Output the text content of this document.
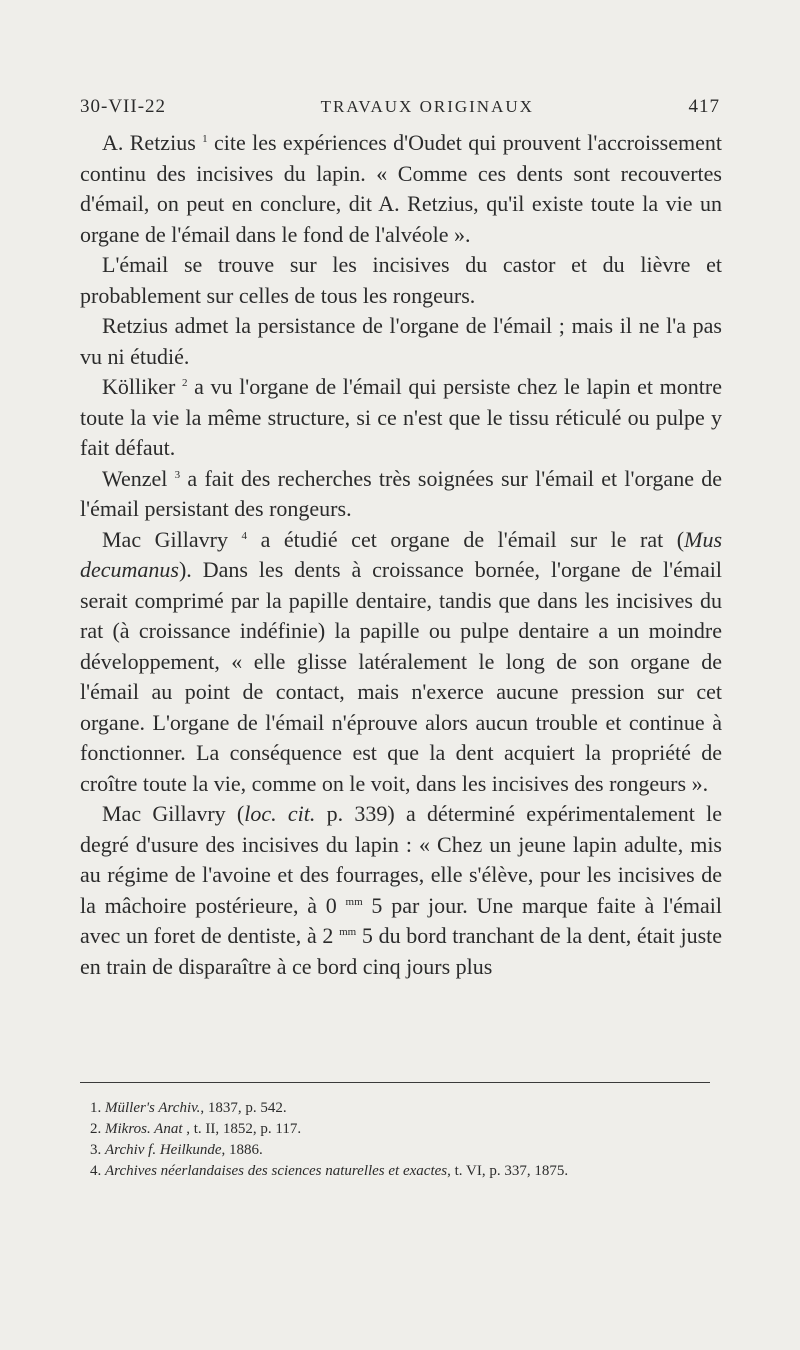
30-VII-22	TRAVAUX ORIGINAUX	417

A. Retzius $^1$ cite les expériences d'Oudet qui prouvent l'accroissement continu des incisives du lapin. « Comme ces dents sont recouvertes d'émail, on peut en conclure, dit A. Retzius, qu'il existe toute la vie un organe de l'émail dans le fond de l'alvéole ».

L'émail se trouve sur les incisives du castor et du lièvre et probablement sur celles de tous les rongeurs.

Retzius admet la persistance de l'organe de l'émail ; mais il ne l'a pas vu ni étudié.

Kölliker $^2$ a vu l'organe de l'émail qui persiste chez le lapin et montre toute la vie la même structure, si ce n'est que le tissu réticulé ou pulpe y fait défaut.

Wenzel $^3$ a fait des recherches très soignées sur l'émail et l'organe de l'émail persistant des rongeurs.

Mac Gillavry $^4$ a étudié cet organe de l'émail sur le rat (Mus decumanus). Dans les dents à croissance bornée, l'organe de l'émail serait comprimé par la papille dentaire, tandis que dans les incisives du rat (à croissance indéfinie) la papille ou pulpe dentaire a un moindre développement, « elle glisse latéralement le long de son organe de l'émail au point de contact, mais n'exerce aucune pression sur cet organe. L'organe de l'émail n'éprouve alors aucun trouble et continue à fonctionner. La conséquence est que la dent acquiert la propriété de croître toute la vie, comme on le voit, dans les incisives des rongeurs ».

Mac Gillavry (loc. cit. p. 339) a déterminé expérimentalement le degré d'usure des incisives du lapin : « Chez un jeune lapin adulte, mis au régime de l'avoine et des fourrages, elle s'élève, pour les incisives de la mâchoire postérieure, à 0 $^{mm}$ 5 par jour. Une marque faite à l'émail avec un foret de dentiste, à 2 $^{mm}$ 5 du bord tranchant de la dent, était juste en train de disparaître à ce bord cinq jours plus

1. Müller's Archiv., 1837, p. 542.
2. Mikros. Anat , t. II, 1852, p. 117.
3. Archiv f. Heilkunde, 1886.
4. Archives néerlandaises des sciences naturelles et exactes, t. VI, p. 337, 1875.
